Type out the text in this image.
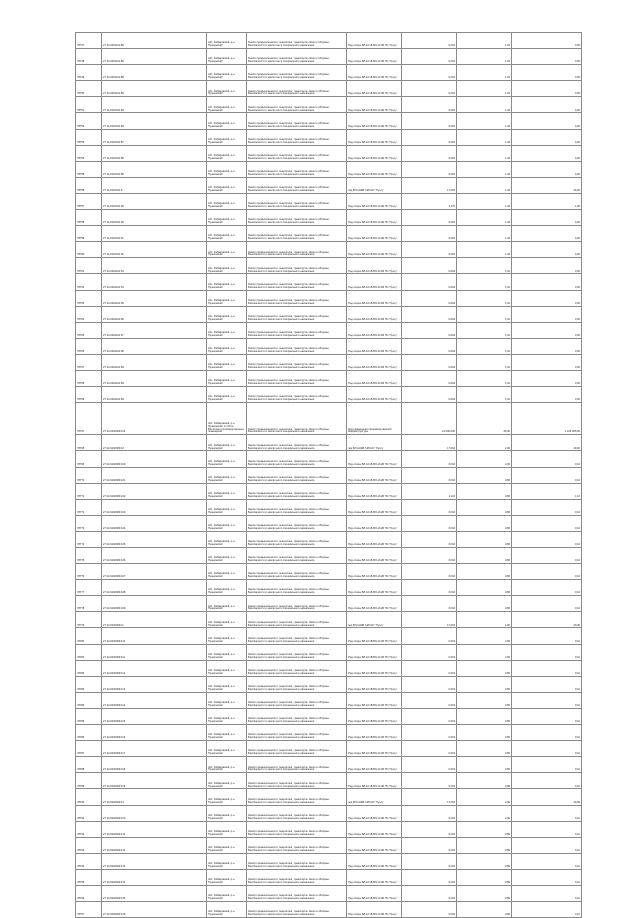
78747	27:14:0404011:85	обл. Хабаровский, р-н Пушкинский	Земли промышленности, энергетики, транспорта, связи и обороны. Безопасности и земли иного специального назначения	Под опоры ВЛ-10 кВ ВЛ-10 кВ ПС 'Пунгу'	0,004	1,04	0,00
78748	27:14:0404011:86	обл. Хабаровский, р-н Пушкинский	Земли промышленности, энергетики, транспорта, связи и обороны. Безопасности и земли иного специального назначения	Под опоры ВЛ-10 кВ ВЛ-10 кВ ПС 'Пунгу'	0,004	1,04	0,00
78749	27:14:0404011:88	обл. Хабаровский, р-н Пушкинский	Земли промышленности, энергетики, транспорта, связи и обороны. Безопасности и земли иного специального назначения	Под опоры ВЛ-10 кВ ВЛ-10 кВ ПС 'Пунгу'	0,004	1,04	0,00
78750	27:14:0404011:89	обл. Хабаровский, р-н Пушкинский	Земли промышленности, энергетики, транспорта, связи и обороны. Безопасности и земли иного специального назначения	Под опоры ВЛ-10 кВ ВЛ-10 кВ ПС 'Пунгу'	0,004	1,04	0,00
78751	27:14:0404011:89	обл. Хабаровский, р-н Пушкинский	Земли промышленности, энергетики, транспорта, связи и обороны. Безопасности и земли иного специального назначения	Под опоры ВЛ-10 кВ ВЛ-10 кВ ПС 'Пунгу'	0,004	1,04	0,00
78752	27:14:0404011:89	обл. Хабаровский, р-н Пушкинский	Земли промышленности, энергетики, транспорта, связи и обороны. Безопасности и земли иного специального назначения	Под опоры ВЛ-10 кВ ВЛ-10 кВ ПС 'Пунгу'	0,004	1,04	0,00
78753	27:14:0404011:87	обл. Хабаровский, р-н Пушкинский	Земли промышленности, энергетики, транспорта, связи и обороны. Безопасности и земли иного специального назначения	Под опоры ВЛ-10 кВ ВЛ-10 кВ ПС 'Пунгу'	0,004	1,04	0,00
78754	27:14:0404011:88	обл. Хабаровский, р-н Пушкинский	Земли промышленности, энергетики, транспорта, связи и обороны. Безопасности и земли иного специального назначения	Под опоры ВЛ-10 кВ ВЛ-10 кВ ПС 'Пунгу'	0,004	1,04	0,00
78755	27:14:0404011:88	обл. Хабаровский, р-н Пушкинский	Земли промышленности, энергетики, транспорта, связи и обороны. Безопасности и земли иного специального назначения	Под опоры ВЛ-10 кВ ВЛ-10 кВ ПС 'Пунгу'	0,004	1,04	0,00
78756	27:14:0404011:9	обл. Хабаровский, р-н Пушкинский	Земли промышленности, энергетики, транспорта, связи и обороны. Безопасности и земли иного специального назначения	под ВЛ-110кВ 'НИС2С' 'Пунгу'	17,004	1,04	36,00
78757	27:14:0404011:90	обл. Хабаровский, р-н Пушкинский	Земли промышленности, энергетики, транспорта, связи и обороны. Безопасности и земли иного специального назначения	Под опоры ВЛ-10 кВ ВЛ-10 кВ ПС 'Пунгу'	1,270	1,04	1,96
78758	27:14:0404011:90	обл. Хабаровский, р-н Пушкинский	Земли промышленности, энергетики, транспорта, связи и обороны. Безопасности и земли иного специального назначения	Под опоры ВЛ-10 кВ ВЛ-10 кВ ПС 'Пунгу'	0,004	1,04	0,00
78759	27:14:0404011:91	обл. Хабаровский, р-н Пушкинский	Земли промышленности, энергетики, транспорта, связи и обороны. Безопасности и земли иного специального назначения	Под опоры ВЛ-10 кВ ВЛ-10 кВ ПС 'Пунгу'	0,004	1,04	0,00
78760	27:14:0404011:92	обл. Хабаровский, р-н Пушкинский	Земли промышленности, энергетики, транспорта, связи и обороны. Безопасности и земли иного специального назначения	Под опоры ВЛ-10 кВ ВЛ-10 кВ ПС 'Пунгу'	0,004	1,04	0,00
78761	27:14:0404011:93	обл. Хабаровский, р-н Пушкинский	Земли промышленности, энергетики, транспорта, связи и обороны. Безопасности и земли иного специального назначения	Под опоры ВЛ-10 кВ ВЛ-10 кВ ПС 'Пунгу'	0,004	1,04	0,00
78762	27:14:0404011:94	обл. Хабаровский, р-н Пушкинский	Земли промышленности, энергетики, транспорта, связи и обороны. Безопасности и земли иного специального назначения	Под опоры ВЛ-10 кВ ВЛ-10 кВ ПС 'Пунгу'	0,004	1,04	0,00
78763	27:14:0404011:95	обл. Хабаровский, р-н Пушкинский	Земли промышленности, энергетики, транспорта, связи и обороны. Безопасности и земли иного специального назначения	Под опоры ВЛ-10 кВ ВЛ-10 кВ ПС 'Пунгу'	0,004	1,04	0,00
78764	27:14:0404011:96	обл. Хабаровский, р-н Пушкинский	Земли промышленности, энергетики, транспорта, связи и обороны. Безопасности и земли иного специального назначения	Под опоры ВЛ-10 кВ ВЛ-10 кВ ПС 'Пунгу'	0,004	1,04	0,00
78765	27:14:0404011:97	обл. Хабаровский, р-н Пушкинский	Земли промышленности, энергетики, транспорта, связи и обороны. Безопасности и земли иного специального назначения	Под опоры ВЛ-10 кВ ВЛ-10 кВ ПС 'Пунгу'	0,004	1,04	0,00
78766	27:14:0404011:98	обл. Хабаровский, р-н Пушкинский	Земли промышленности, энергетики, транспорта, связи и обороны. Безопасности и земли иного специального назначения	Под опоры ВЛ-10 кВ ВЛ-10 кВ ПС 'Пунгу'	0,004	1,04	0,00
78767	27:14:0404011:99	обл. Хабаровский, р-н Пушкинский	Земли промышленности, энергетики, транспорта, связи и обороны. Безопасности и земли иного специального назначения	Под опоры ВЛ-10 кВ ВЛ-10 кВ ПС 'Пунгу'	0,004	1,04	0,00
78768	27:14:0404011:99	обл. Хабаровский, р-н Пушкинский	Земли промышленности, энергетики, транспорта, связи и обороны. Безопасности и земли иного специального назначения	Под опоры ВЛ-10 кВ ВЛ-10 кВ ПС 'Пунгу'	0,004	1,04	0,00
78769	27:14:0404011:99	обл. Хабаровский, р-н Пушкинский	Земли промышленности, энергетики, транспорта, связи и обороны. Безопасности и земли иного специального назначения	Под опоры ВЛ-10 кВ ВЛ-10 кВ ПС 'Пунгу'	0,004	1,04	0,00
78797	27:14:0402009:119	обл. Хабаровский, р-н Пушкинский, 2,3 Юго-Восточнее производственных помещений	Земли промышленности, энергетики, транспорта, связи и обороны. Безопасности и земли иного специального назначения	Для размещения производственной инфраструктуры	21 000,000	45,00	1 106 965,00
78765	27:14:0402009:10	обл. Хабаровский, р-н Пушкинский	Земли промышленности, энергетики, транспорта, связи и обороны. Безопасности и земли иного специального назначения	под ВЛ-110кВ 'НИС2С' 'Пунгу'	17,004	2,00	49,00
78766	27:14:0402009:100	обл. Хабаровский, р-н Пушкинский	Земли промышленности, энергетики, транспорта, связи и обороны. Безопасности и земли иного специального назначения	Под опоры ВЛ-10 кВ ВЛ-10 кВ ПС 'Пунгу'	0,004	2,00	0,10
78770	27:14:0402009:101	обл. Хабаровский, р-н Пушкинский	Земли промышленности, энергетики, транспорта, связи и обороны. Безопасности и земли иного специального назначения	Под опоры ВЛ-10 кВ ВЛ-10 кВ ПС 'Пунгу'	0,004	0,86	0,10
78771	27:14:0402009:102	обл. Хабаровский, р-н Пушкинский	Земли промышленности, энергетики, транспорта, связи и обороны. Безопасности и земли иного специального назначения	Под опоры ВЛ-10 кВ ВЛ-10 кВ ПС 'Пунгу'	1,134	0,86	1,10
78772	27:14:0402009:103	обл. Хабаровский, р-н Пушкинский	Земли промышленности, энергетики, транспорта, связи и обороны. Безопасности и земли иного специального назначения	Под опоры ВЛ-10 кВ ВЛ-10 кВ ПС 'Пунгу'	0,004	0,86	0,10
78773	27:14:0402009:104	обл. Хабаровский, р-н Пушкинский	Земли промышленности, энергетики, транспорта, связи и обороны. Безопасности и земли иного специального назначения	Под опоры ВЛ-10 кВ ВЛ-10 кВ ПС 'Пунгу'	0,004	0,86	0,10
78774	27:14:0402009:105	обл. Хабаровский, р-н Пушкинский	Земли промышленности, энергетики, транспорта, связи и обороны. Безопасности и земли иного специального назначения	Под опоры ВЛ-10 кВ ВЛ-10 кВ ПС 'Пунгу'	0,004	0,86	0,10
78775	27:14:0402009:106	обл. Хабаровский, р-н Пушкинский	Земли промышленности, энергетики, транспорта, связи и обороны. Безопасности и земли иного специального назначения	Под опоры ВЛ-10 кВ ВЛ-10 кВ ПС 'Пунгу'	0,004	0,86	0,10
78776	27:14:0402009:107	обл. Хабаровский, р-н Пушкинский	Земли промышленности, энергетики, транспорта, связи и обороны. Безопасности и земли иного специального назначения	Под опоры ВЛ-10 кВ ВЛ-10 кВ ПС 'Пунгу'	0,004	0,86	0,10
78777	27:14:0402009:108	обл. Хабаровский, р-н Пушкинский	Земли промышленности, энергетики, транспорта, связи и обороны. Безопасности и земли иного специального назначения	Под опоры ВЛ-10 кВ ВЛ-10 кВ ПС 'Пунгу'	0,004	0,86	0,10
78778	27:14:0402009:109	обл. Хабаровский, р-н Пушкинский	Земли промышленности, энергетики, транспорта, связи и обороны. Безопасности и земли иного специального назначения	Под опоры ВЛ-10 кВ ВЛ-10 кВ ПС 'Пунгу'	0,004	0,86	0,10
78779	27:14:0402009:11	обл. Хабаровский, р-н Пушкинский	Земли промышленности, энергетики, транспорта, связи и обороны. Безопасности и земли иного специального назначения	под ВЛ-110кВ 'НИС2С' 'Пунгу'	17,004	2,00	49,00
78780	27:14:0402009:110	обл. Хабаровский, р-н Пушкинский	Земли промышленности, энергетики, транспорта, связи и обороны. Безопасности и земли иного специального назначения	Под опоры ВЛ-10 кВ ВЛ-10 кВ ПС 'Пунгу'	0,004	2,00	0,10
78781	27:14:0402009:111	обл. Хабаровский, р-н Пушкинский	Земли промышленности, энергетики, транспорта, связи и обороны. Безопасности и земли иного специального назначения	Под опоры ВЛ-10 кВ ВЛ-10 кВ ПС 'Пунгу'	0,004	2,00	0,10
78782	27:14:0402009:112	обл. Хабаровский, р-н Пушкинский	Земли промышленности, энергетики, транспорта, связи и обороны. Безопасности и земли иного специального назначения	Под опоры ВЛ-10 кВ ВЛ-10 кВ ПС 'Пунгу'	0,004	0,86	0,10
78783	27:14:0402009:113	обл. Хабаровский, р-н Пушкинский	Земли промышленности, энергетики, транспорта, связи и обороны. Безопасности и земли иного специального назначения	Под опоры ВЛ-10 кВ ВЛ-10 кВ ПС 'Пунгу'	0,004	0,86	0,10
78784	27:14:0402009:114	обл. Хабаровский, р-н Пушкинский	Земли промышленности, энергетики, транспорта, связи и обороны. Безопасности и земли иного специального назначения	Под опоры ВЛ-10 кВ ВЛ-10 кВ ПС 'Пунгу'	0,004	0,86	0,10
78785	27:14:0402009:115	обл. Хабаровский, р-н Пушкинский	Земли промышленности, энергетики, транспорта, связи и обороны. Безопасности и земли иного специального назначения	Под опоры ВЛ-10 кВ ВЛ-10 кВ ПС 'Пунгу'	0,004	0,86	0,10
78786	27:14:0402009:116	обл. Хабаровский, р-н Пушкинский	Земли промышленности, энергетики, транспорта, связи и обороны. Безопасности и земли иного специального назначения	Под опоры ВЛ-10 кВ ВЛ-10 кВ ПС 'Пунгу'	0,004	0,86	0,10
78787	27:14:0402009:117	обл. Хабаровский, р-н Пушкинский	Земли промышленности, энергетики, транспорта, связи и обороны. Безопасности и земли иного специального назначения	Под опоры ВЛ-10 кВ ВЛ-10 кВ ПС 'Пунгу'	0,004	0,86	0,10
78788	27:14:0402009:118	обл. Хабаровский, р-н Пушкинский	Земли промышленности, энергетики, транспорта, связи и обороны. Безопасности и земли иного специального назначения	Под опоры ВЛ-10 кВ ВЛ-10 кВ ПС 'Пунгу'	0,004	0,86	0,10
78789	27:14:0402009:119	обл. Хабаровский, р-н Пушкинский	Земли промышленности, энергетики, транспорта, связи и обороны. Безопасности и земли иного специального назначения	Под опоры ВЛ-10 кВ ВЛ-10 кВ ПС 'Пунгу'	0,004	0,86	0,10
78790	27:14:0402009:12	обл. Хабаровский, р-н Пушкинский	Земли промышленности, энергетики, транспорта, связи и обороны. Безопасности и земли иного специального назначения	под ВЛ-110кВ 'НИС2С' 'Пунгу'	17,004	2,00	49,00
78791	27:14:0402009:120	обл. Хабаровский, р-н Пушкинский	Земли промышленности, энергетики, транспорта, связи и обороны. Безопасности и земли иного специального назначения	Под опоры ВЛ-10 кВ ВЛ-10 кВ ПС 'Пунгу'	0,004	2,00	0,10
78792	27:14:0402009:121	обл. Хабаровский, р-н Пушкинский	Земли промышленности, энергетики, транспорта, связи и обороны. Безопасности и земли иного специального назначения	Под опоры ВЛ-10 кВ ВЛ-10 кВ ПС 'Пунгу'	0,004	0,86	0,10
78793	27:14:0402009:122	обл. Хабаровский, р-н Пушкинский	Земли промышленности, энергетики, транспорта, связи и обороны. Безопасности и земли иного специального назначения	Под опоры ВЛ-10 кВ ВЛ-10 кВ ПС 'Пунгу'	0,004	0,86	0,10
78794	27:14:0402009:123	обл. Хабаровский, р-н Пушкинский	Земли промышленности, энергетики, транспорта, связи и обороны. Безопасности и земли иного специального назначения	Под опоры ВЛ-10 кВ ВЛ-10 кВ ПС 'Пунгу'	0,004	0,86	0,10
78795	27:14:0402009:124	обл. Хабаровский, р-н Пушкинский	Земли промышленности, энергетики, транспорта, связи и обороны. Безопасности и земли иного специального назначения	Под опоры ВЛ-10 кВ ВЛ-10 кВ ПС 'Пунгу'	0,004	0,86	0,10
78796	27:14:0402009:125	обл. Хабаровский, р-н Пушкинский	Земли промышленности, энергетики, транспорта, связи и обороны. Безопасности и земли иного специального назначения	Под опоры ВЛ-10 кВ ВЛ-10 кВ ПС 'Пунгу'	0,004	0,86	0,10
78797	27:14:0402009:126	обл. Хабаровский, р-н Пушкинский	Земли промышленности, энергетики, транспорта, связи и обороны. Безопасности и земли иного специального назначения	Под опоры ВЛ-10 кВ ВЛ-10 кВ ПС 'Пунгу'	0,004	0,86	0,10
